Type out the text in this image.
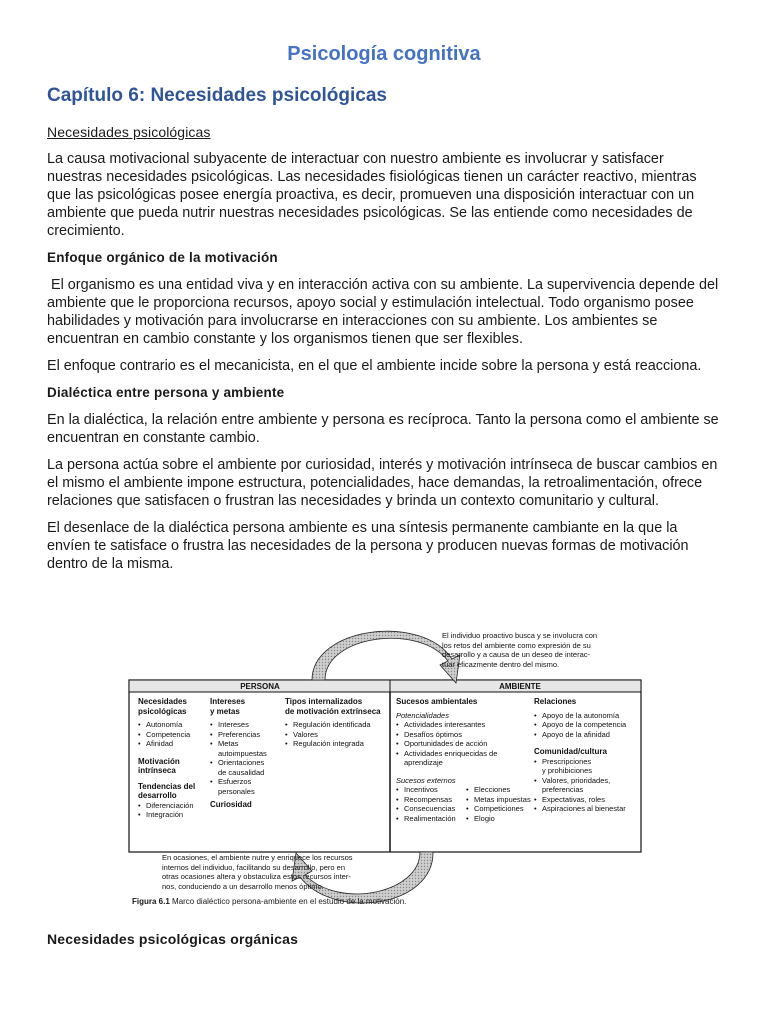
Psicología cognitiva
Capítulo 6: Necesidades psicológicas
Necesidades psicológicas
La causa motivacional subyacente de interactuar con nuestro ambiente es involucrar y satisfacer nuestras necesidades psicológicas. Las necesidades fisiológicas tienen un carácter reactivo, mientras que las psicológicas posee energía proactiva, es decir, promueven una disposición interactuar con un ambiente que pueda nutrir nuestras necesidades psicológicas. Se las entiende como necesidades de crecimiento.
Enfoque orgánico de la motivación
El organismo es una entidad viva y en interacción activa con su ambiente. La supervivencia depende del ambiente que le proporciona recursos, apoyo social y estimulación intelectual. Todo organismo posee habilidades y motivación para involucrarse en interacciones con su ambiente. Los ambientes se encuentran en cambio constante y los organismos tienen que ser flexibles.
El enfoque contrario es el mecanicista, en el que el ambiente incide sobre la persona y está reacciona.
Dialéctica entre persona y ambiente
En la dialéctica, la relación entre ambiente y persona es recíproca. Tanto la persona como el ambiente se encuentran en constante cambio.
La persona actúa sobre el ambiente por curiosidad, interés y motivación intrínseca de buscar cambios en el mismo el ambiente impone estructura, potencialidades, hace demandas, la retroalimentación, ofrece relaciones que satisfacen o frustran las necesidades y brinda un contexto comunitario y cultural.
El desenlace de la dialéctica persona ambiente es una síntesis permanente cambiante en la que la envíen te satisface o frustra las necesidades de la persona y producen nuevas formas de motivación dentro de la misma.
El individuo proactivo busca y se involucra con
los retos del ambiente como expresión de su
desarrollo y a causa de un deseo de interac-
tuar eficazmente dentro del mismo.
PERSONA	AMBIENTE
Necesidades
psicológicas
• Autonomía
• Competencia
• Afinidad
Motivación
intrínseca
Tendencias del
desarrollo
• Diferenciación
• Integración
Intereses
y metas
• Intereses
• Preferencias
• Metas
autoimpuestas
• Orientaciones
de causalidad
• Esfuerzos
personales
Curiosidad
Tipos internalizados
de motivación extrínseca
• Regulación identificada
• Valores
• Regulación integrada
Sucesos ambientales
Potencialidades
• Actividades interesantes
• Desafíos óptimos
• Oportunidades de acción
• Actividades enriquecidas de aprendizaje
Sucesos externos
• Incentivos
• Recompensas
• Consecuencias
• Realimentación
• Elecciones
• Metas impuestas
• Competiciones
• Elogio
Relaciones
• Apoyo de la autonomía
• Apoyo de la competencia
• Apoyo de la afinidad
Comunidad/cultura
• Prescripciones
y prohibiciones
• Valores, prioridades,
preferencias
• Expectativas, roles
• Aspiraciones al bienestar
En ocasiones, el ambiente nutre y enriquece los recursos
internos del individuo, facilitando su desarrollo, pero en
otras ocasiones altera y obstaculiza estos recursos inter-
nos, conduciendo a un desarrollo menos óptimo.
Figura 6.1 Marco dialéctico persona-ambiente en el estudio de la motivación.
Necesidades psicológicas orgánicas
